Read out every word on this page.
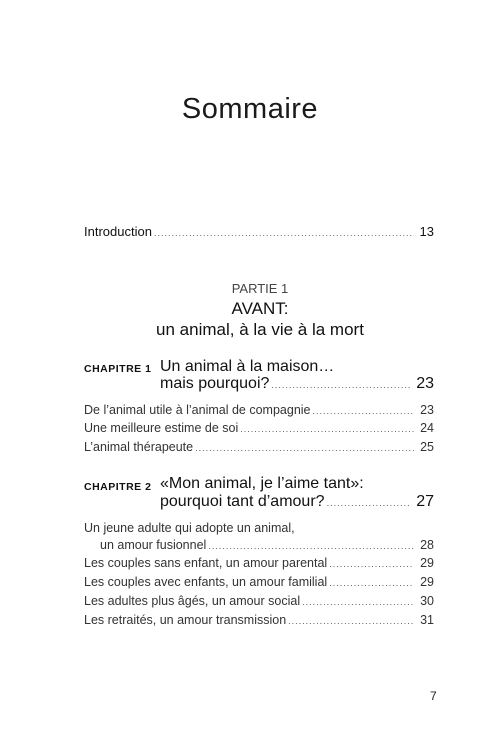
Sommaire
Introduction .....	13
PARTIE 1
AVANT:
un animal, à la vie à la mort
CHAPITRE 1 Un animal à la maison…
mais pourquoi? .....	23
De l’animal utile à l’animal de compagnie .....	23
Une meilleure estime de soi .....	24
L’animal thérapeute .....	25
CHAPITRE 2 «Mon animal, je l’aime tant»:
pourquoi tant d’amour? .....	27
Un jeune adulte qui adopte un animal,
un amour fusionnel .....	28
Les couples sans enfant, un amour parental .....	29
Les couples avec enfants, un amour familial .....	29
Les adultes plus âgés, un amour social .....	30
Les retraités, un amour transmission .....	31
7
